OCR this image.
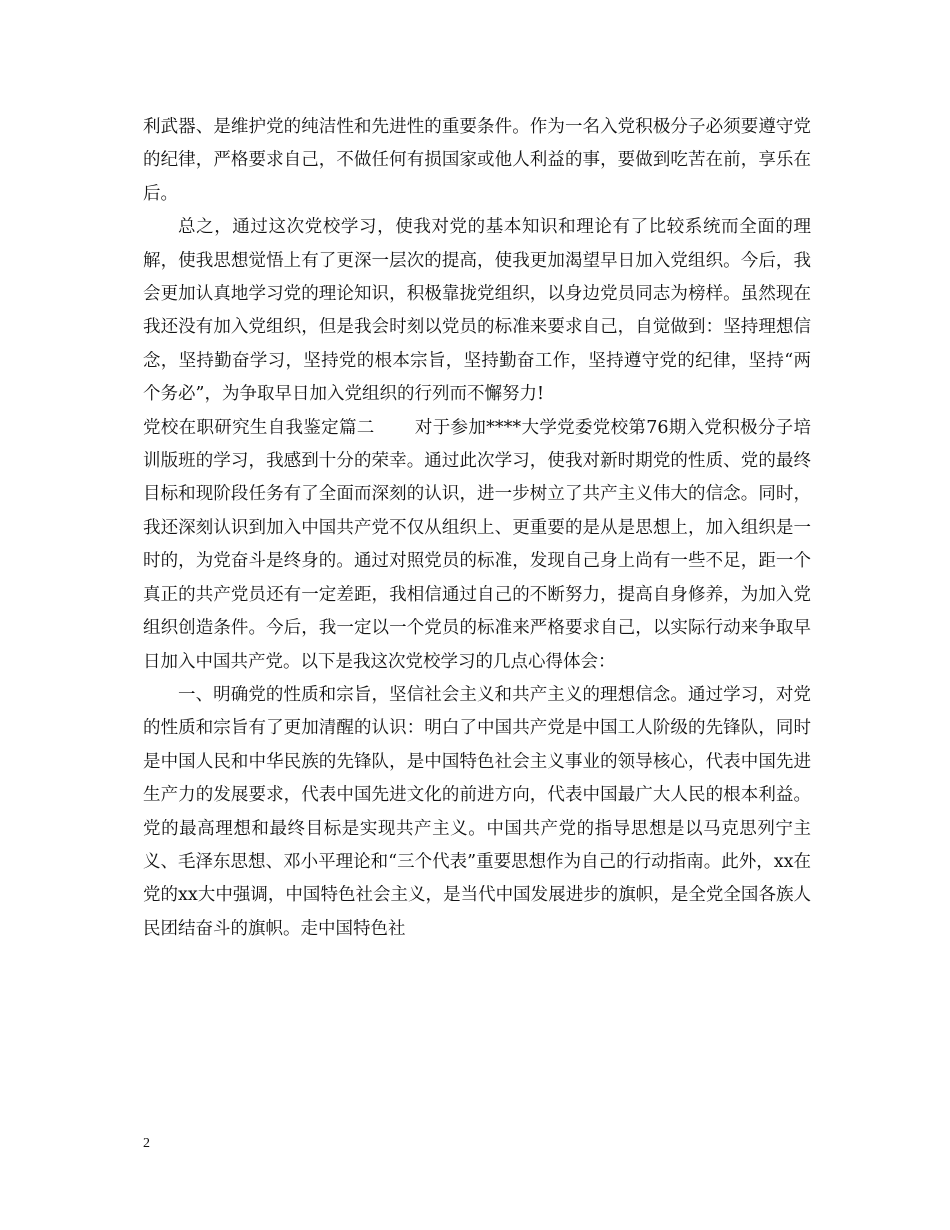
利武器、是维护党的纯洁性和先进性的重要条件。作为一名入党积极分子必须要遵守党的纪律，严格要求自己，不做任何有损国家或他人利益的事，要做到吃苦在前，享乐在后。

总之，通过这次党校学习，使我对党的基本知识和理论有了比较系统而全面的理解，使我思想觉悟上有了更深一层次的提高，使我更加渴望早日加入党组织。今后，我会更加认真地学习党的理论知识，积极靠拢党组织，以身边党员同志为榜样。虽然现在我还没有加入党组织，但是我会时刻以党员的标准来要求自己，自觉做到：坚持理想信念，坚持勤奋学习，坚持党的根本宗旨，坚持勤奋工作，坚持遵守党的纪律，坚持“两个务必”，为争取早日加入党组织的行列而不懈努力!

党校在职研究生自我鉴定篇二 对于参加****大学党委党校第76期入党积极分子培训版班的学习，我感到十分的荣幸。通过此次学习，使我对新时期党的性质、党的最终目标和现阶段任务有了全面而深刻的认识，进一步树立了共产主义伟大的信念。同时，我还深刻认识到加入中国共产党不仅从组织上、更重要的是从是思想上，加入组织是一时的，为党奋斗是终身的。通过对照党员的标准，发现自己身上尚有一些不足，距一个真正的共产党员还有一定差距，我相信通过自己的不断努力，提高自身修养，为加入党组织创造条件。今后，我一定以一个党员的标准来严格要求自己，以实际行动来争取早日加入中国共产党。以下是我这次党校学习的几点心得体会：

一、明确党的性质和宗旨，坚信社会主义和共产主义的理想信念。通过学习，对党的性质和宗旨有了更加清醒的认识：明白了中国共产党是中国工人阶级的先锋队，同时是中国人民和中华民族的先锋队，是中国特色社会主义事业的领导核心，代表中国先进生产力的发展要求，代表中国先进文化的前进方向，代表中国最广大人民的根本利益。党的最高理想和最终目标是实现共产主义。中国共产党的指导思想是以马克思列宁主义、毛泽东思想、邓小平理论和“三个代表”重要思想作为自己的行动指南。此外，xx在党的xx大中强调，中国特色社会主义，是当代中国发展进步的旗帜，是全党全国各族人民团结奋斗的旗帜。走中国特色社

2
